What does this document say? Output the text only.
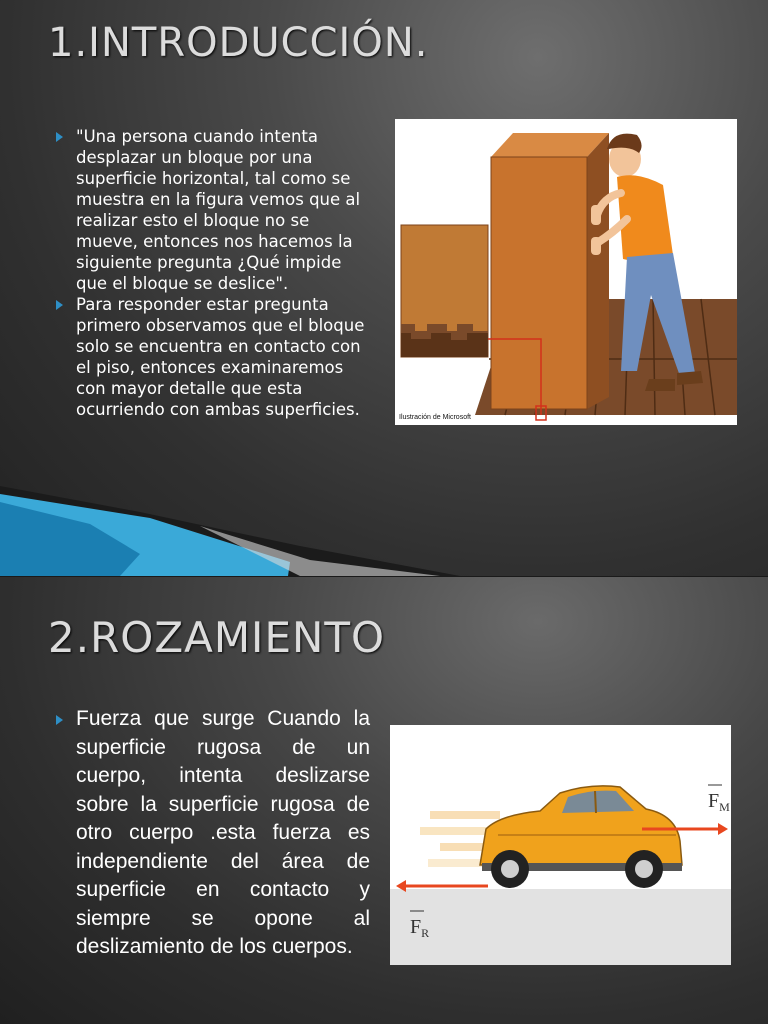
1.INTRODUCCIÓN.
"Una persona cuando intenta desplazar un bloque por una superficie horizontal, tal como se muestra en la figura vemos que al realizar esto el bloque no se mueve, entonces nos hacemos la siguiente pregunta ¿Qué impide que el bloque se deslice".
Para responder estar pregunta primero observamos que el bloque solo se encuentra en contacto con el piso, entonces examinaremos con mayor detalle que esta ocurriendo con ambas superficies.	Ilustración de Microsoft
2.ROZAMIENTO
Fuerza que surge Cuando la superficie rugosa de un cuerpo, intenta deslizarse sobre la superficie rugosa de otro cuerpo .esta fuerza es independiente del área de superficie en contacto y siempre se opone al deslizamiento de los cuerpos.
$F_M$
$F_R$
